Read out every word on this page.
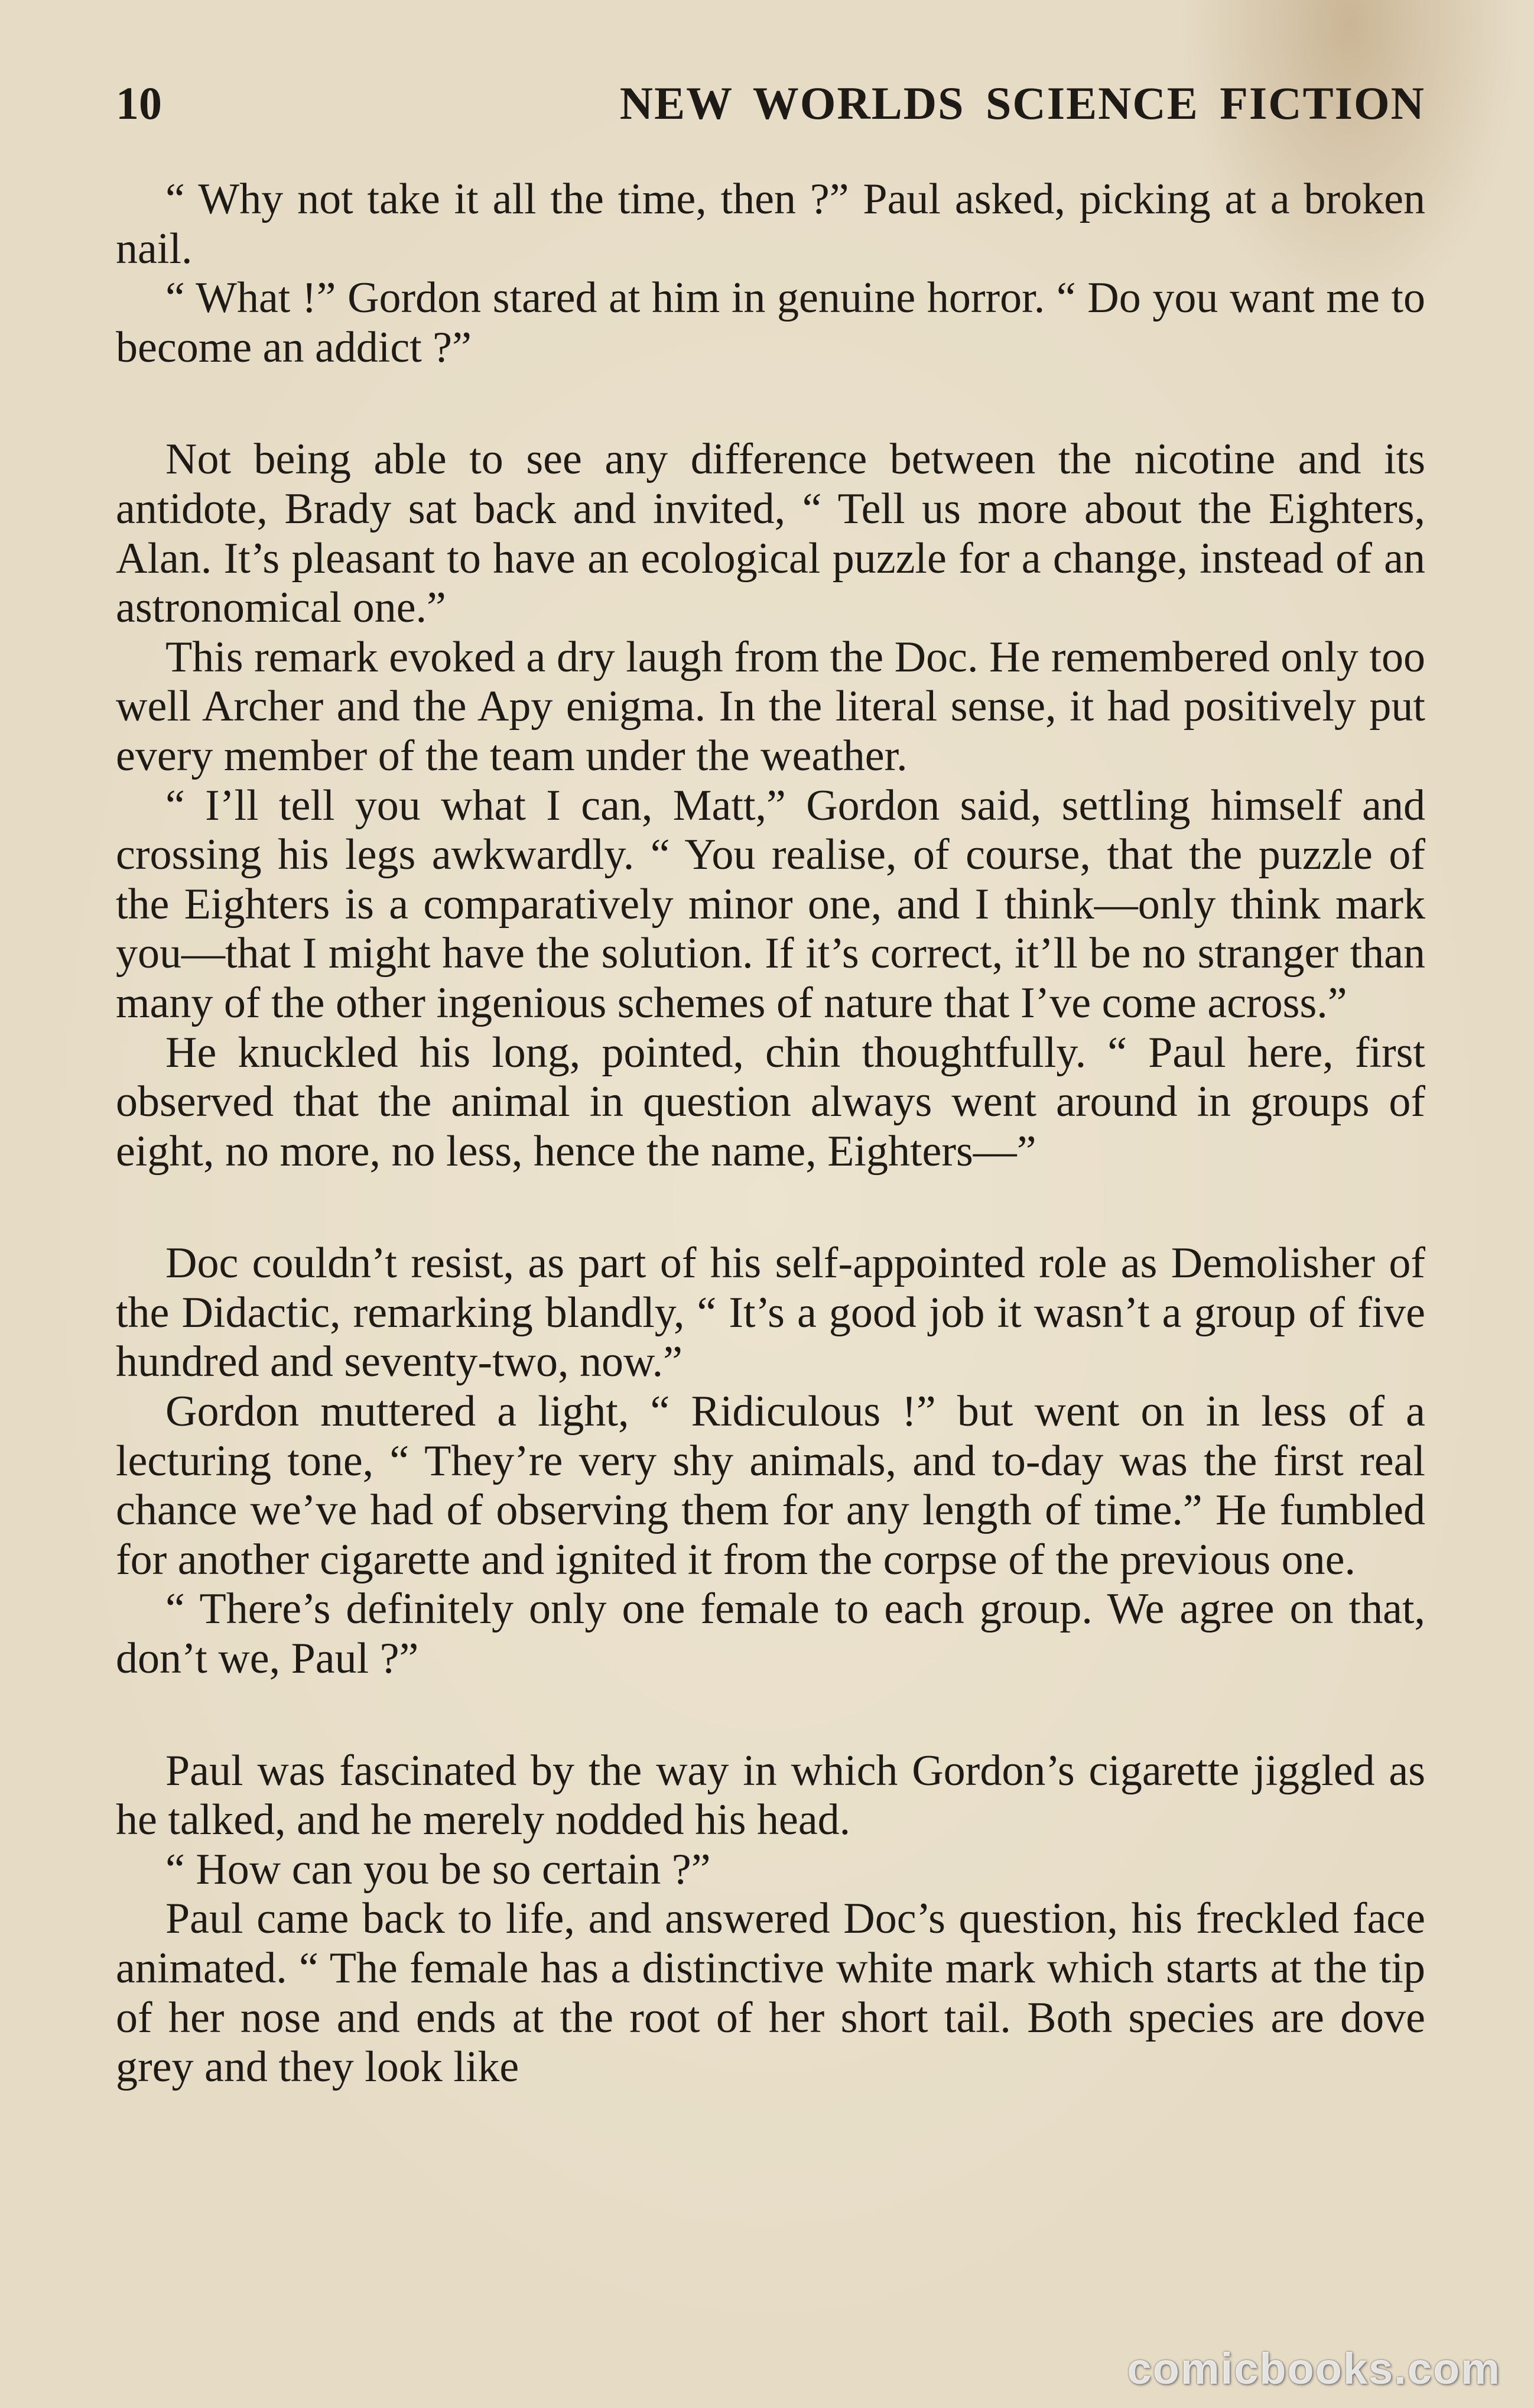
10	NEW WORLDS SCIENCE FICTION

“ Why not take it all the time, then ?” Paul asked, picking at a broken nail.

“ What !” Gordon stared at him in genuine horror. “ Do you want me to become an addict ?”

Not being able to see any difference between the nicotine and its antidote, Brady sat back and invited, “ Tell us more about the Eighters, Alan. It’s pleasant to have an ecological puzzle for a change, instead of an astronomical one.”

This remark evoked a dry laugh from the Doc. He remembered only too well Archer and the Apy enigma. In the literal sense, it had positively put every member of the team under the weather.

“ I’ll tell you what I can, Matt,” Gordon said, settling himself and crossing his legs awkwardly. “ You realise, of course, that the puzzle of the Eighters is a comparatively minor one, and I think—only think mark you—that I might have the solution. If it’s correct, it’ll be no stranger than many of the other ingenious schemes of nature that I’ve come across.”

He knuckled his long, pointed, chin thoughtfully. “ Paul here, first observed that the animal in question always went around in groups of eight, no more, no less, hence the name, Eighters—”

Doc couldn’t resist, as part of his self-appointed role as Demolisher of the Didactic, remarking blandly, “ It’s a good job it wasn’t a group of five hundred and seventy-two, now.”

Gordon muttered a light, “ Ridiculous !” but went on in less of a lecturing tone, “ They’re very shy animals, and to-day was the first real chance we’ve had of observing them for any length of time.” He fumbled for another cigarette and ignited it from the corpse of the previous one.

“ There’s definitely only one female to each group. We agree on that, don’t we, Paul ?”

Paul was fascinated by the way in which Gordon’s cigarette jiggled as he talked, and he merely nodded his head.

“ How can you be so certain ?”

Paul came back to life, and answered Doc’s question, his freckled face animated. “ The female has a distinctive white mark which starts at the tip of her nose and ends at the root of her short tail. Both species are dove grey and they look like

comicbooks.com
